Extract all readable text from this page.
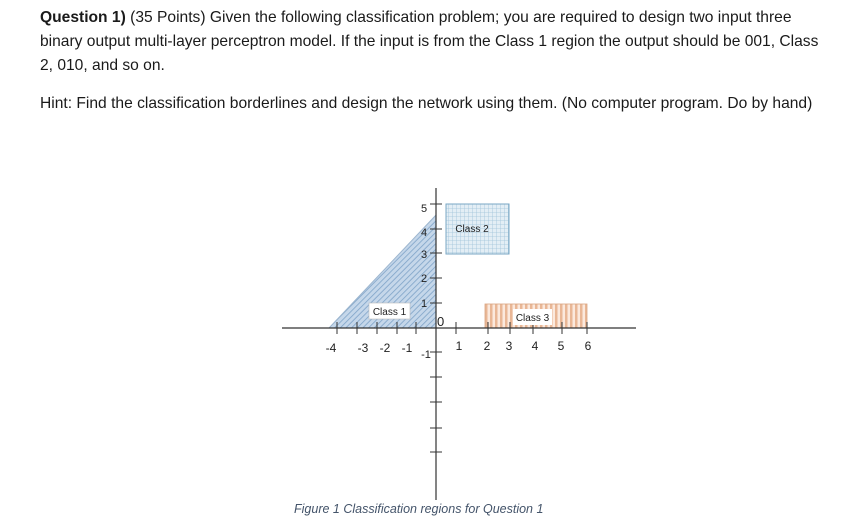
Question 1) (35 Points) Given the following classification problem; you are required to design two input three binary output multi-layer perceptron model. If the input is from the Class 1 region the output should be 001, Class 2, 010, and so on.

Hint: Find the classification borderlines and design the network using them. (No computer program. Do by hand)

-4 -3 -2 -1	1 2 3 4 5 6
5
4
3
2
1
-1
0
Class 1
Class 2
Class 3
Figure 1 Classification regions for Question 1
